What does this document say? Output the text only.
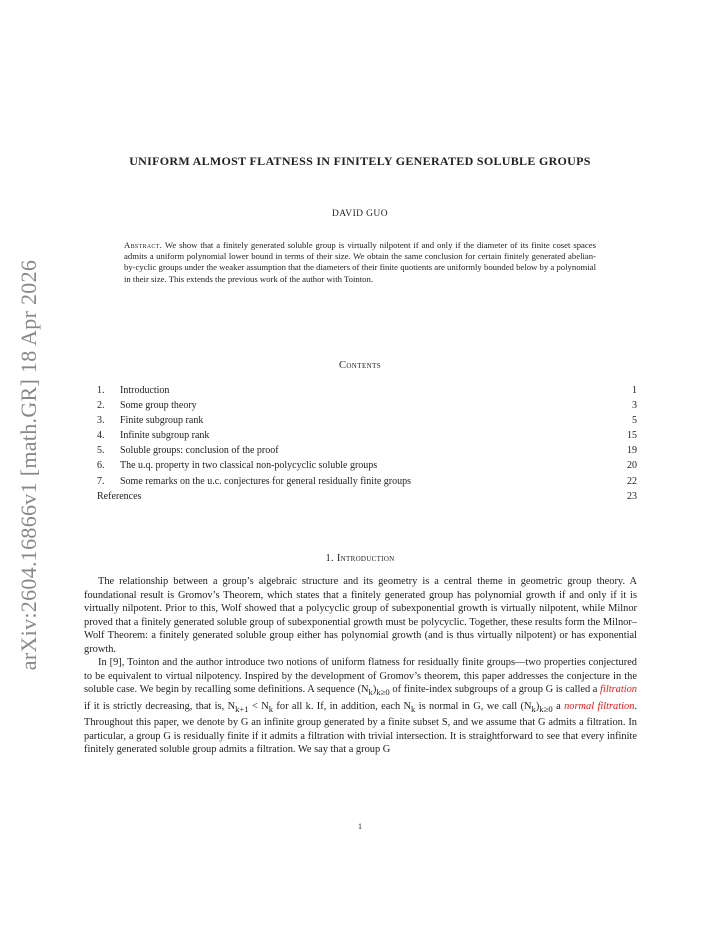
arXiv:2604.16866v1 [math.GR] 18 Apr 2026
UNIFORM ALMOST FLATNESS IN FINITELY GENERATED SOLUBLE GROUPS
DAVID GUO
Abstract. We show that a finitely generated soluble group is virtually nilpotent if and only if the diameter of its finite coset spaces admits a uniform polynomial lower bound in terms of their size. We obtain the same conclusion for certain finitely generated abelian-by-cyclic groups under the weaker assumption that the diameters of their finite quotients are uniformly bounded below by a polynomial in their size. This extends the previous work of the author with Tointon.
Contents
1. Introduction	1
2. Some group theory	3
3. Finite subgroup rank	5
4. Infinite subgroup rank	15
5. Soluble groups: conclusion of the proof	19
6. The u.q. property in two classical non-polycyclic soluble groups	20
7. Some remarks on the u.c. conjectures for general residually finite groups	22
References	23
1. Introduction

The relationship between a group’s algebraic structure and its geometry is a central theme in geometric group theory. A foundational result is Gromov’s Theorem, which states that a finitely generated group has polynomial growth if and only if it is virtually nilpotent. Prior to this, Wolf showed that a polycyclic group of subexponential growth is virtually nilpotent, while Milnor proved that a finitely generated soluble group of subexponential growth must be polycyclic. Together, these results form the Milnor–Wolf Theorem: a finitely generated soluble group either has polynomial growth (and is thus virtually nilpotent) or has exponential growth.

In [9], Tointon and the author introduce two notions of uniform flatness for residually finite groups—two properties conjectured to be equivalent to virtual nilpotency. Inspired by the development of Gromov’s theorem, this paper addresses the conjecture in the soluble case. We begin by recalling some definitions. A sequence $(N_k)_{k\ge 0}$ of finite-index subgroups of a group G is called a filtration if it is strictly decreasing, that is, $N_{k+1} < N_k$ for all k. If, in addition, each $N_k$ is normal in G, we call $(N_k)_{k\ge 0}$ a normal filtration. Throughout this paper, we denote by G an infinite group generated by a finite subset S, and we assume that G admits a filtration. In particular, a group G is residually finite if it admits a filtration with trivial intersection. It is straightforward to see that every infinite finitely generated soluble group admits a filtration. We say that a group G

1
